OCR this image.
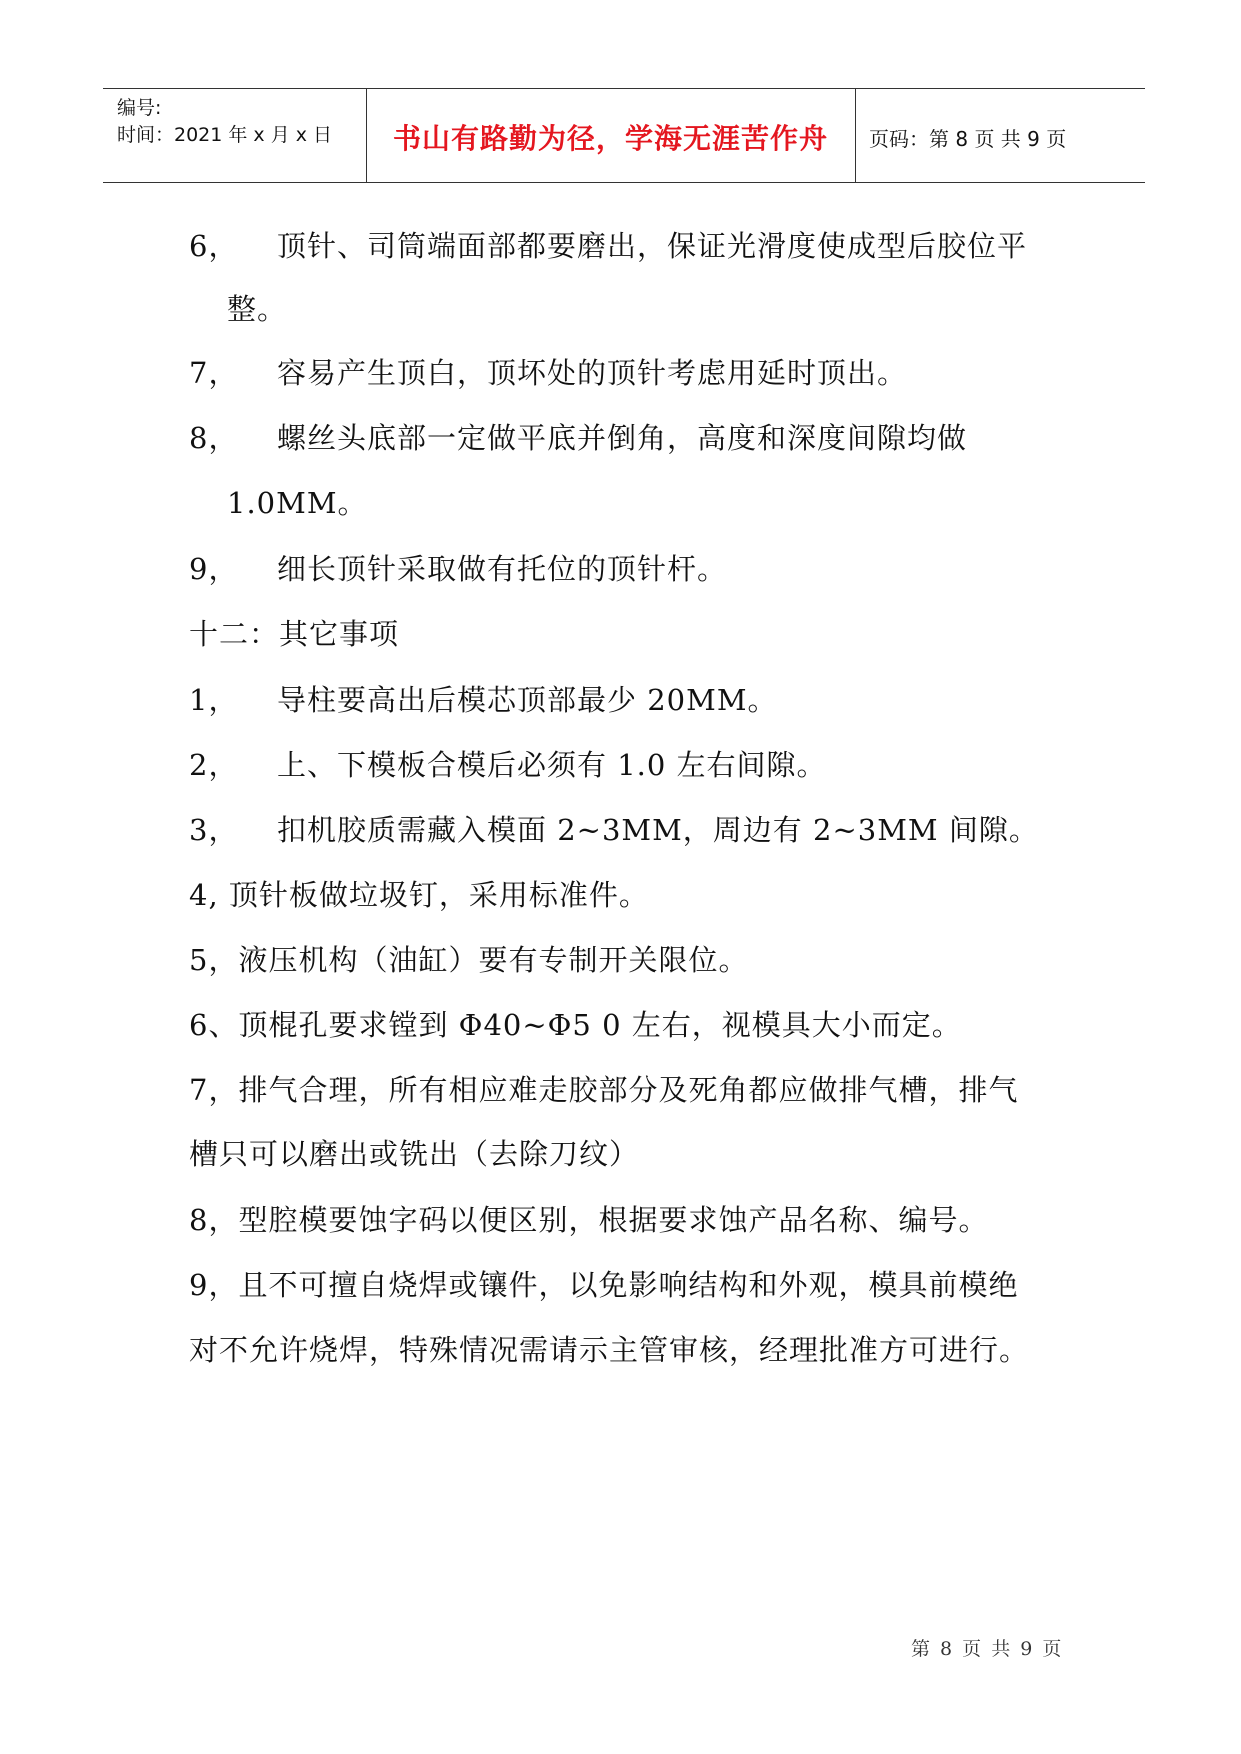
编号:
时间：2021 年 x 月 x 日	书山有路勤为径，学海无涯苦作舟	页码：第 8 页 共 9 页
6， 顶针、司筒端面部都要磨出，保证光滑度使成型后胶位平
整。
7， 容易产生顶白，顶坏处的顶针考虑用延时顶出。
8， 螺丝头底部一定做平底并倒角，高度和深度间隙均做
1.0MM。
9， 细长顶针采取做有托位的顶针杆。
十二：其它事项
1， 导柱要高出后模芯顶部最少 20MM。
2， 上、下模板合模后必须有 1.0 左右间隙。
3， 扣机胶质需藏入模面 2~3MM，周边有 2~3MM 间隙。
4, 顶针板做垃圾钉，采用标准件。
5，液压机构（油缸）要有专制开关限位。
6、顶棍孔要求镗到 Φ40~Φ5 0 左右，视模具大小而定。
7，排气合理，所有相应难走胶部分及死角都应做排气槽，排气
槽只可以磨出或铣出（去除刀纹）
8，型腔模要蚀字码以便区别，根据要求蚀产品名称、编号。
9，且不可擅自烧焊或镶件，以免影响结构和外观，模具前模绝
对不允许烧焊，特殊情况需请示主管审核，经理批准方可进行。
第 8 页 共 9 页
